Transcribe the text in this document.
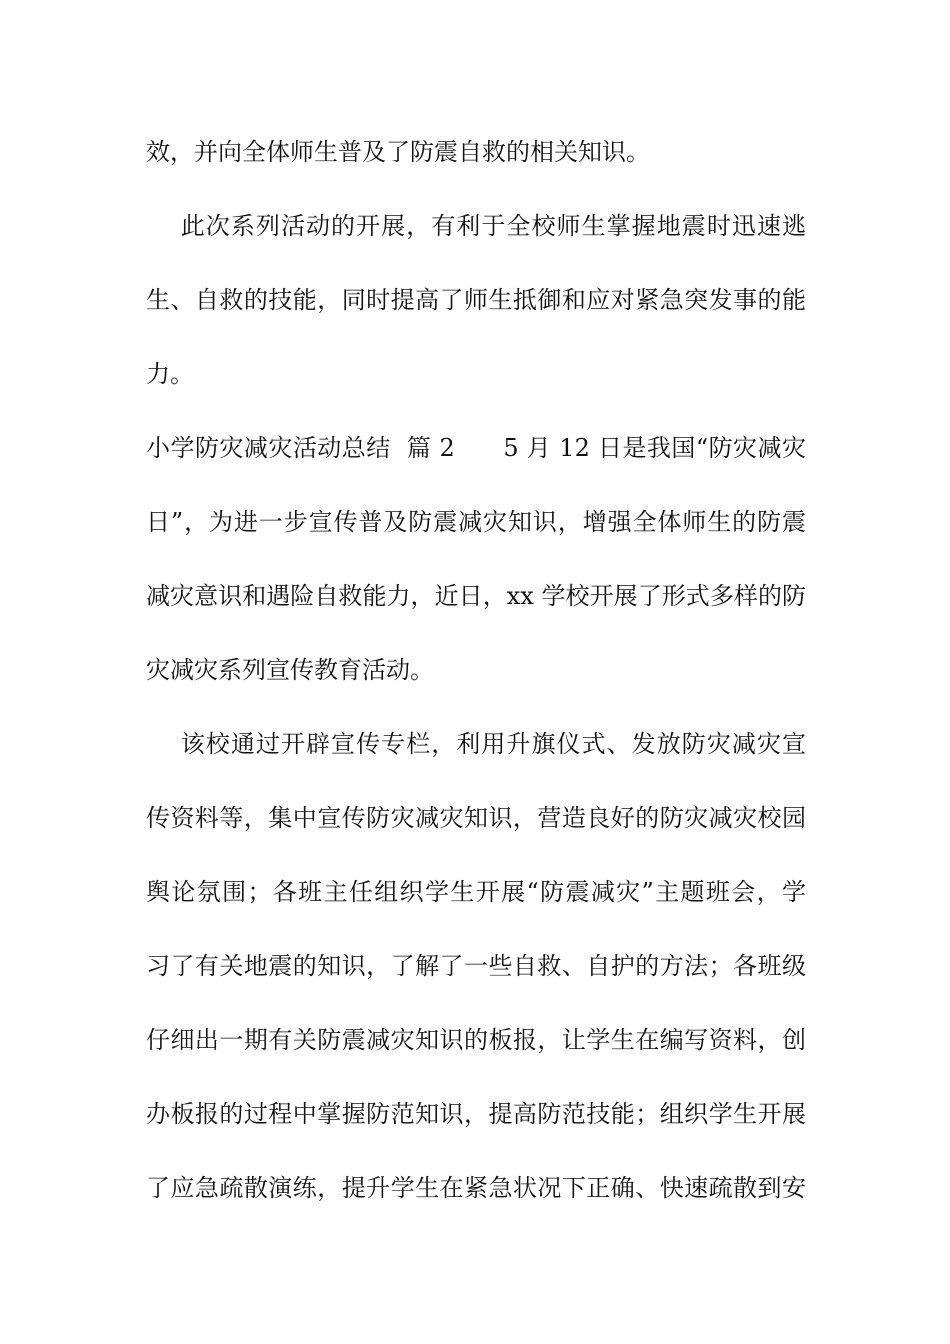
效，并向全体师生普及了防震自救的相关知识。
此次系列活动的开展，有利于全校师生掌握地震时迅速逃
生、自救的技能，同时提高了师生抵御和应对紧急突发事的能
力。
小学防灾减灾活动总结  篇 2      5 月 12 日是我国“防灾减灾
日”，为进一步宣传普及防震减灾知识，增强全体师生的防震
减灾意识和遇险自救能力，近日，xx 学校开展了形式多样的防
灾减灾系列宣传教育活动。
该校通过开辟宣传专栏，利用升旗仪式、发放防灾减灾宣
传资料等，集中宣传防灾减灾知识，营造良好的防灾减灾校园
舆论氛围；各班主任组织学生开展“防震减灾”主题班会，学
习了有关地震的知识，了解了一些自救、自护的方法；各班级
仔细出一期有关防震减灾知识的板报，让学生在编写资料，创
办板报的过程中掌握防范知识，提高防范技能；组织学生开展
了应急疏散演练，提升学生在紧急状况下正确、快速疏散到安
